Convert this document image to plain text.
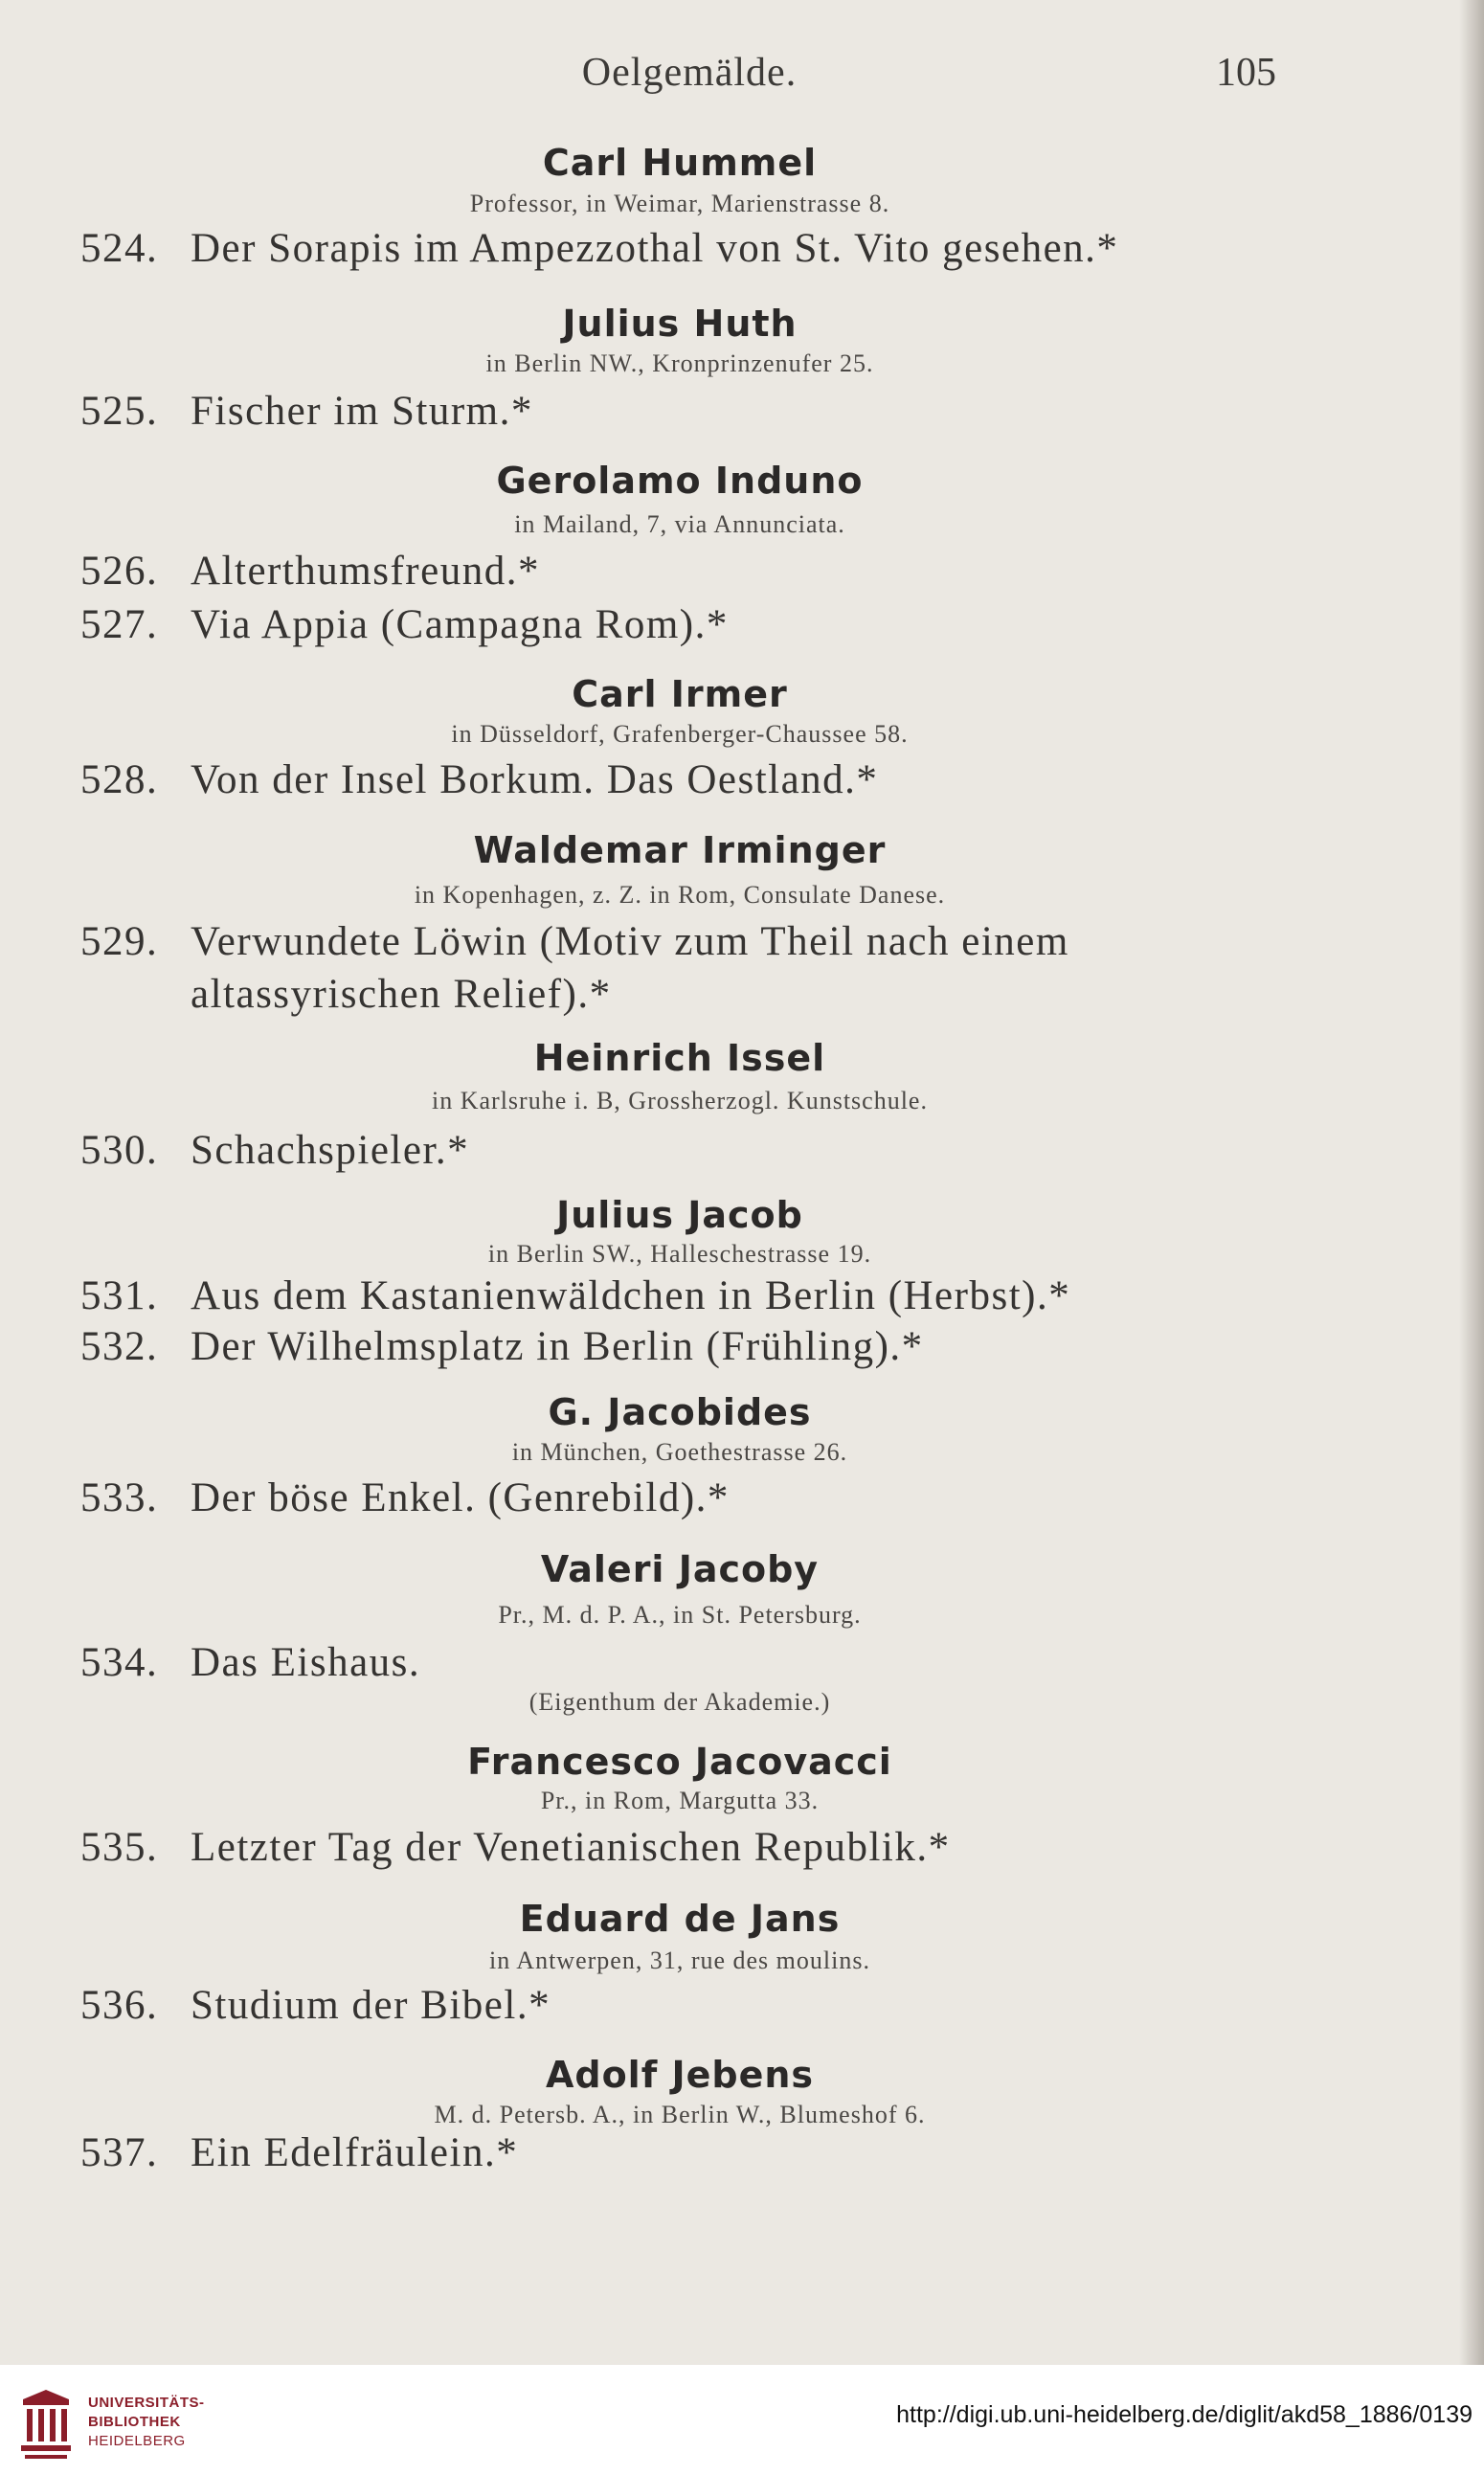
Oelgemälde.	105
Carl Hummel
Professor, in Weimar, Marienstrasse 8.
524. Der Sorapis im Ampezzothal von St. Vito gesehen.*
Julius Huth
in Berlin NW., Kronprinzenufer 25.
525. Fischer im Sturm.*
Gerolamo Induno
in Mailand, 7, via Annunciata.
526. Alterthumsfreund.*
527. Via Appia (Campagna Rom).*
Carl Irmer
in Düsseldorf, Grafenberger-Chaussee 58.
528. Von der Insel Borkum. Das Oestland.*
Waldemar Irminger
in Kopenhagen, z. Z. in Rom, Consulate Danese.
529. Verwundete Löwin (Motiv zum Theil nach einem
altassyrischen Relief).*
Heinrich Issel
in Karlsruhe i. B, Grossherzogl. Kunstschule.
530. Schachspieler.*
Julius Jacob
in Berlin SW., Halleschestrasse 19.
531. Aus dem Kastanienwäldchen in Berlin (Herbst).*
532. Der Wilhelmsplatz in Berlin (Frühling).*
G. Jacobides
in München, Goethestrasse 26.
533. Der böse Enkel. (Genrebild).*
Valeri Jacoby
Pr., M. d. P. A., in St. Petersburg.
534. Das Eishaus.
(Eigenthum der Akademie.)
Francesco Jacovacci
Pr., in Rom, Margutta 33.
535. Letzter Tag der Venetianischen Republik.*
Eduard de Jans
in Antwerpen, 31, rue des moulins.
536. Studium der Bibel.*
Adolf Jebens
M. d. Petersb. A., in Berlin W., Blumeshof 6.
537. Ein Edelfräulein.*
UNIVERSITÄTS-
BIBLIOTHEK
HEIDELBERG
http://digi.ub.uni-heidelberg.de/diglit/akd58_1886/0139
